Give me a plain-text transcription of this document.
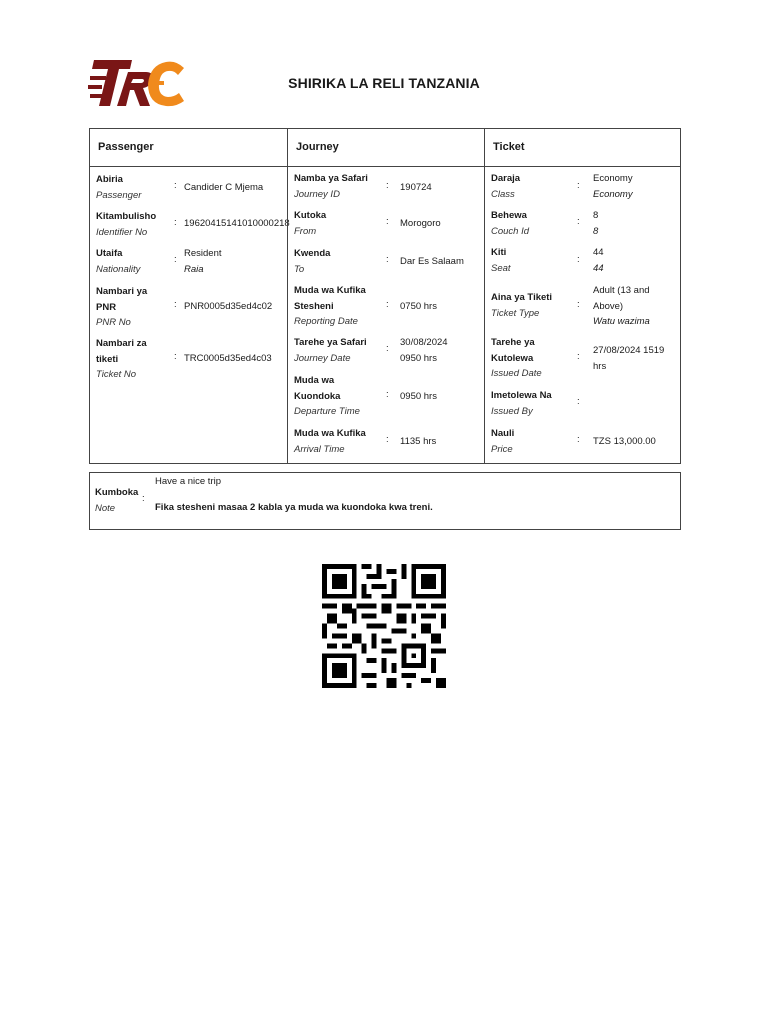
SHIRIKA LA RELI TANZANIA
Passenger
Abiria
Passenger
: Candider C Mjema
Kitambulisho
Identifier No
: 19620415141010000218
Utaifa
Nationality
:
Resident
Raia
Nambari ya PNR
PNR No
: PNR0005d35ed4c02
Nambari za tiketi
Ticket No
: TRC0005d35ed4c03
Journey
Namba ya Safari
Journey ID
: 190724
Kutoka
From
: Morogoro
Kwenda
To
: Dar Es Salaam
Muda wa Kufika Stesheni
Reporting Date
: 0750 hrs
Tarehe ya Safari
Journey Date
:
30/08/2024 0950 hrs
Muda wa Kuondoka
Departure Time
: 0950 hrs
Muda wa Kufika
Arrival Time
: 1135 hrs
Ticket
Daraja
Class
:
Economy
Economy
Behewa
Couch Id
:
8
8
Kiti
Seat
:
44
44
Aina ya Tiketi
Ticket Type
:
Adult (13 and Above)
Watu wazima
Tarehe ya Kutolewa
Issued Date
:
27/08/2024 1519 hrs
Imetolewa Na
Issued By
:
Nauli
Price
: TZS 13,000.00
Kumboka
Note
:
Have a nice trip
Fika stesheni masaa 2 kabla ya muda wa kuondoka kwa treni.
